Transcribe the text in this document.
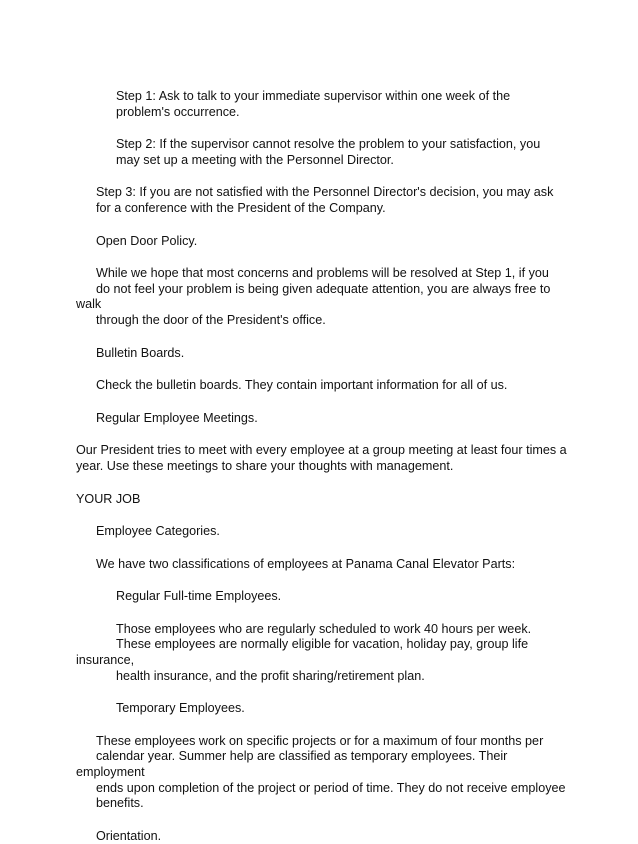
Step 1: Ask to talk to your immediate supervisor within one week of the
problem's occurrence.

Step 2: If the supervisor cannot resolve the problem to your satisfaction, you
may set up a meeting with the Personnel Director.

Step 3: If you are not satisfied with the Personnel Director's decision, you may ask
for a conference with the President of the Company.

Open Door Policy.

While we hope that most concerns and problems will be resolved at Step 1, if you
do not feel your problem is being given adequate attention, you are always free to walk
through the door of the President's office.

Bulletin Boards.

Check the bulletin boards. They contain important information for all of us.

Regular Employee Meetings.

Our President tries to meet with every employee at a group meeting at least four times a
year. Use these meetings to share your thoughts with management.

YOUR JOB

Employee Categories.

We have two classifications of employees at Panama Canal Elevator Parts:

Regular Full-time Employees.

Those employees who are regularly scheduled to work 40 hours per week.
These employees are normally eligible for vacation, holiday pay, group life insurance,
health insurance, and the profit sharing/retirement plan.

Temporary Employees.

These employees work on specific projects or for a maximum of four months per
calendar year. Summer help are classified as temporary employees. Their employment
ends upon completion of the project or period of time. They do not receive employee
benefits.

Orientation.
